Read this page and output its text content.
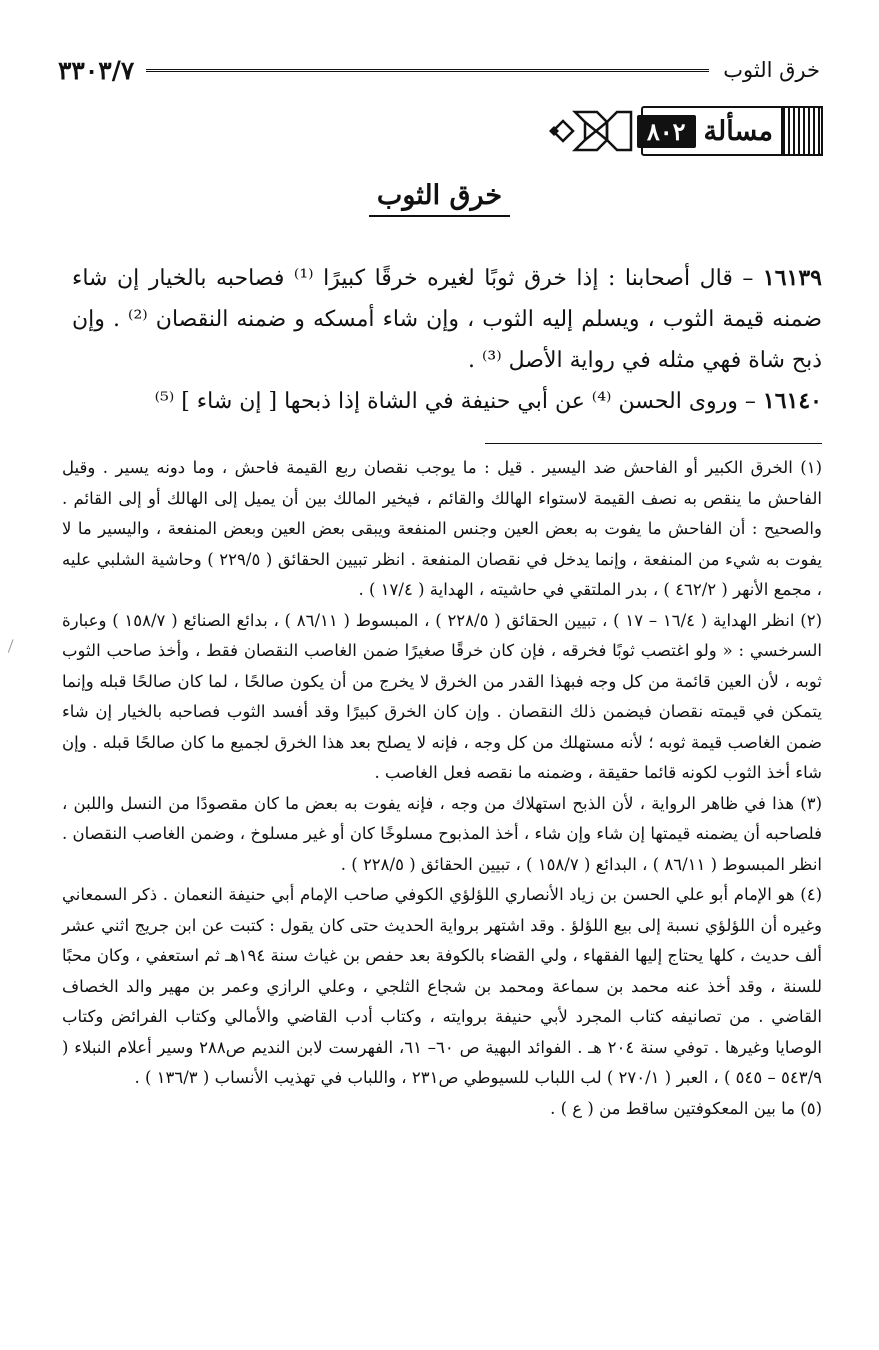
خرق الثوب
٣٣٠٣/٧
مسألة
٨٠٢
خرق الثوب

١٦١٣٩ – قال أصحابنا : إذا خرق ثوبًا لغيره خرقًا كبيرًا ⁽¹⁾ فصاحبه بالخيار إن شاء ضمنه قيمة الثوب ، ويسلم إليه الثوب ، وإن شاء أمسكه و ضمنه النقصان ⁽²⁾ . وإن ذبح شاة فهي مثله في رواية الأصل ⁽³⁾ .

١٦١٤٠ – وروى الحسن ⁽⁴⁾ عن أبي حنيفة في الشاة إذا ذبحها [ إن شاء ] ⁽⁵⁾

(١) الخرق الكبير أو الفاحش ضد اليسير . قيل : ما يوجب نقصان ربع القيمة فاحش ، وما دونه يسير . وقيل الفاحش ما ينقص به نصف القيمة لاستواء الهالك والقائم ، فيخير المالك بين أن يميل إلى الهالك أو إلى القائم . والصحيح : أن الفاحش ما يفوت به بعض العين وجنس المنفعة ويبقى بعض العين وبعض المنفعة ، واليسير ما لا يفوت به شيء من المنفعة ، وإنما يدخل في نقصان المنفعة . انظر تبيين الحقائق ( ٢٢٩/٥ ) وحاشية الشلبي عليه ، مجمع الأنهر ( ٤٦٢/٢ ) ، بدر الملتقي في حاشيته ، الهداية ( ١٧/٤ ) .

(٢) انظر الهداية ( ١٦/٤ – ١٧ ) ، تبيين الحقائق ( ٢٢٨/٥ ) ، المبسوط ( ٨٦/١١ ) ، بدائع الصنائع ( ١٥٨/٧ ) وعبارة السرخسي : « ولو اغتصب ثوبًا فخرقه ، فإن كان خرقًا صغيرًا ضمن الغاصب النقصان فقط ، وأخذ صاحب الثوب ثوبه ، لأن العين قائمة من كل وجه فبهذا القدر من الخرق لا يخرج من أن يكون صالحًا ، لما كان صالحًا قبله وإنما يتمكن في قيمته نقصان فيضمن ذلك النقصان . وإن كان الخرق كبيرًا وقد أفسد الثوب فصاحبه بالخيار إن شاء ضمن الغاصب قيمة ثوبه ؛ لأنه مستهلك من كل وجه ، فإنه لا يصلح بعد هذا الخرق لجميع ما كان صالحًا قبله . وإن شاء أخذ الثوب لكونه قائما حقيقة ، وضمنه ما نقصه فعل الغاصب .

(٣) هذا في ظاهر الرواية ، لأن الذبح استهلاك من وجه ، فإنه يفوت به بعض ما كان مقصودًا من النسل واللبن ، فلصاحبه أن يضمنه قيمتها إن شاء وإن شاء ، أخذ المذبوح مسلوخًا كان أو غير مسلوخ ، وضمن الغاصب النقصان . انظر المبسوط ( ٨٦/١١ ) ، البدائع ( ١٥٨/٧ ) ، تبيين الحقائق ( ٢٢٨/٥ ) .

(٤) هو الإمام أبو علي الحسن بن زياد الأنصاري اللؤلؤي الكوفي صاحب الإمام أبي حنيفة النعمان . ذكر السمعاني وغيره أن اللؤلؤي نسبة إلى بيع اللؤلؤ . وقد اشتهر برواية الحديث حتى كان يقول : كتبت عن ابن جريج اثني عشر ألف حديث ، كلها يحتاج إليها الفقهاء ، ولي القضاء بالكوفة بعد حفص بن غياث سنة ١٩٤هـ ثم استعفي ، وكان محبًا للسنة ، وقد أخذ عنه محمد بن سماعة ومحمد بن شجاع الثلجي ، وعلي الرازي وعمر بن مهير والد الخصاف القاضي . من تصانيفه كتاب المجرد لأبي حنيفة بروايته ، وكتاب أدب القاضي والأمالي وكتاب الفرائض وكتاب الوصايا وغيرها . توفي سنة ٢٠٤ هـ . الفوائد البهية ص ٦٠– ٦١، الفهرست لابن النديم ص٢٨٨ وسير أعلام النبلاء ( ٥٤٣/٩ – ٥٤٥ ) ، العبر ( ٢٧٠/١ ) لب اللباب للسيوطي ص٢٣١ ، واللباب في تهذيب الأنساب ( ١٣٦/٣ ) .

(٥) ما بين المعكوفتين ساقط من ( ع ) .
